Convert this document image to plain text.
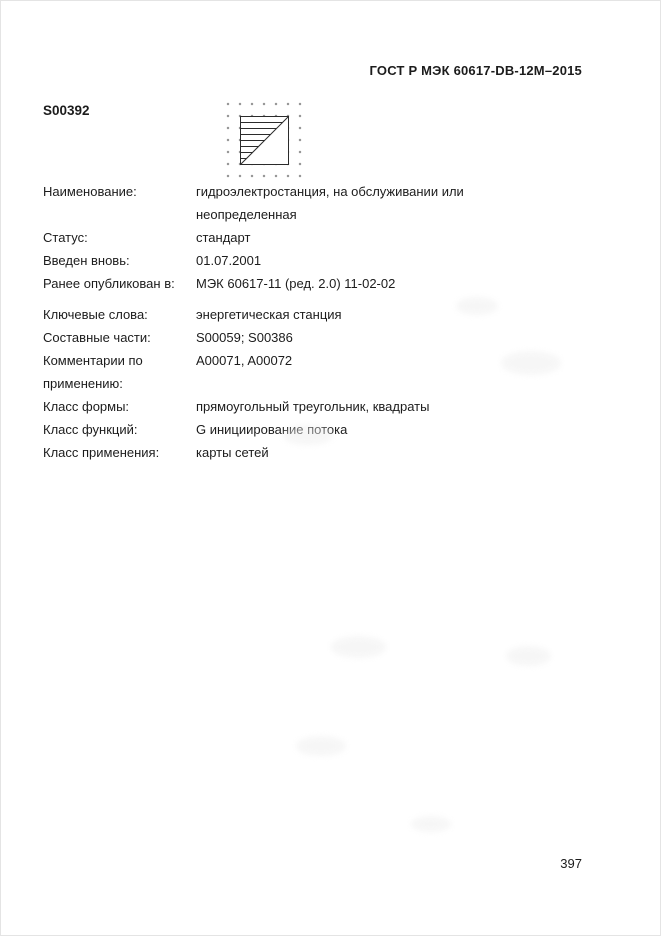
ГОСТ Р МЭК 60617-DB-12M–2015
S00392
Наименование:	гидроэлектростанция, на обслуживании или неопределенная
Статус:	стандарт
Введен вновь:	01.07.2001
Ранее опубликован в:	МЭК 60617-11 (ред. 2.0) 11-02-02
Ключевые слова:	энергетическая станция
Составные части:	S00059; S00386
Комментарии по применению:
A00071, A00072
Класс формы:	прямоугольный треугольник, квадраты
Класс функций:	G инициирование потока
Класс применения:	карты сетей
397
